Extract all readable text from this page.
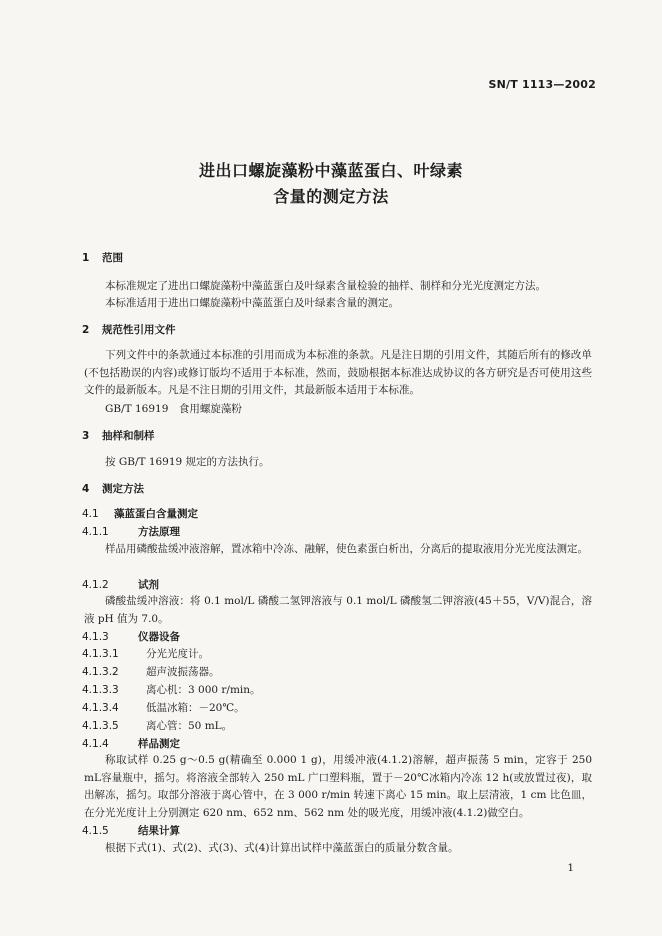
SN/T 1113—2002
进出口螺旋藻粉中藻蓝蛋白、叶绿素
含量的测定方法
1 范围
本标准规定了进出口螺旋藻粉中藻蓝蛋白及叶绿素含量检验的抽样、制样和分光光度测定方法。
本标准适用于进出口螺旋藻粉中藻蓝蛋白及叶绿素含量的测定。
2 规范性引用文件
下列文件中的条款通过本标准的引用而成为本标准的条款。凡是注日期的引用文件，其随后所有的修改单(不包括勘误的内容)或修订版均不适用于本标准，然而，鼓励根据本标准达成协议的各方研究是否可使用这些文件的最新版本。凡是不注日期的引用文件，其最新版本适用于本标准。
GB/T 16919　食用螺旋藻粉
3 抽样和制样
按 GB/T 16919 规定的方法执行。
4 测定方法
4.1 藻蓝蛋白含量测定
4.1.1	方法原理
样品用磷酸盐缓冲液溶解，置冰箱中冷冻、融解，使色素蛋白析出，分离后的提取液用分光光度法测定。
4.1.2	试剂
磷酸盐缓冲溶液：将 0.1 mol/L 磷酸二氢钾溶液与 0.1 mol/L 磷酸氢二钾溶液(45＋55，V/V)混合，溶液 pH 值为 7.0。
4.1.3	仪器设备
4.1.3.1	分光光度计。
4.1.3.2	超声波振荡器。
4.1.3.3	离心机：3 000 r/min。
4.1.3.4	低温冰箱：－20℃。
4.1.3.5	离心管：50 mL。
4.1.4	样品测定
称取试样 0.25 g～0.5 g(精确至 0.000 1 g)，用缓冲液(4.1.2)溶解，超声振荡 5 min，定容于 250 mL容量瓶中，摇匀。将溶液全部转入 250 mL 广口塑料瓶，置于－20℃冰箱内冷冻 12 h(或放置过夜)，取出解冻，摇匀。取部分溶液于离心管中，在 3 000 r/min 转速下离心 15 min。取上层清液，1 cm 比色皿，在分光光度计上分别测定 620 nm、652 nm、562 nm 处的吸光度，用缓冲液(4.1.2)做空白。
4.1.5	结果计算
根据下式(1)、式(2)、式(3)、式(4)计算出试样中藻蓝蛋白的质量分数含量。
1
